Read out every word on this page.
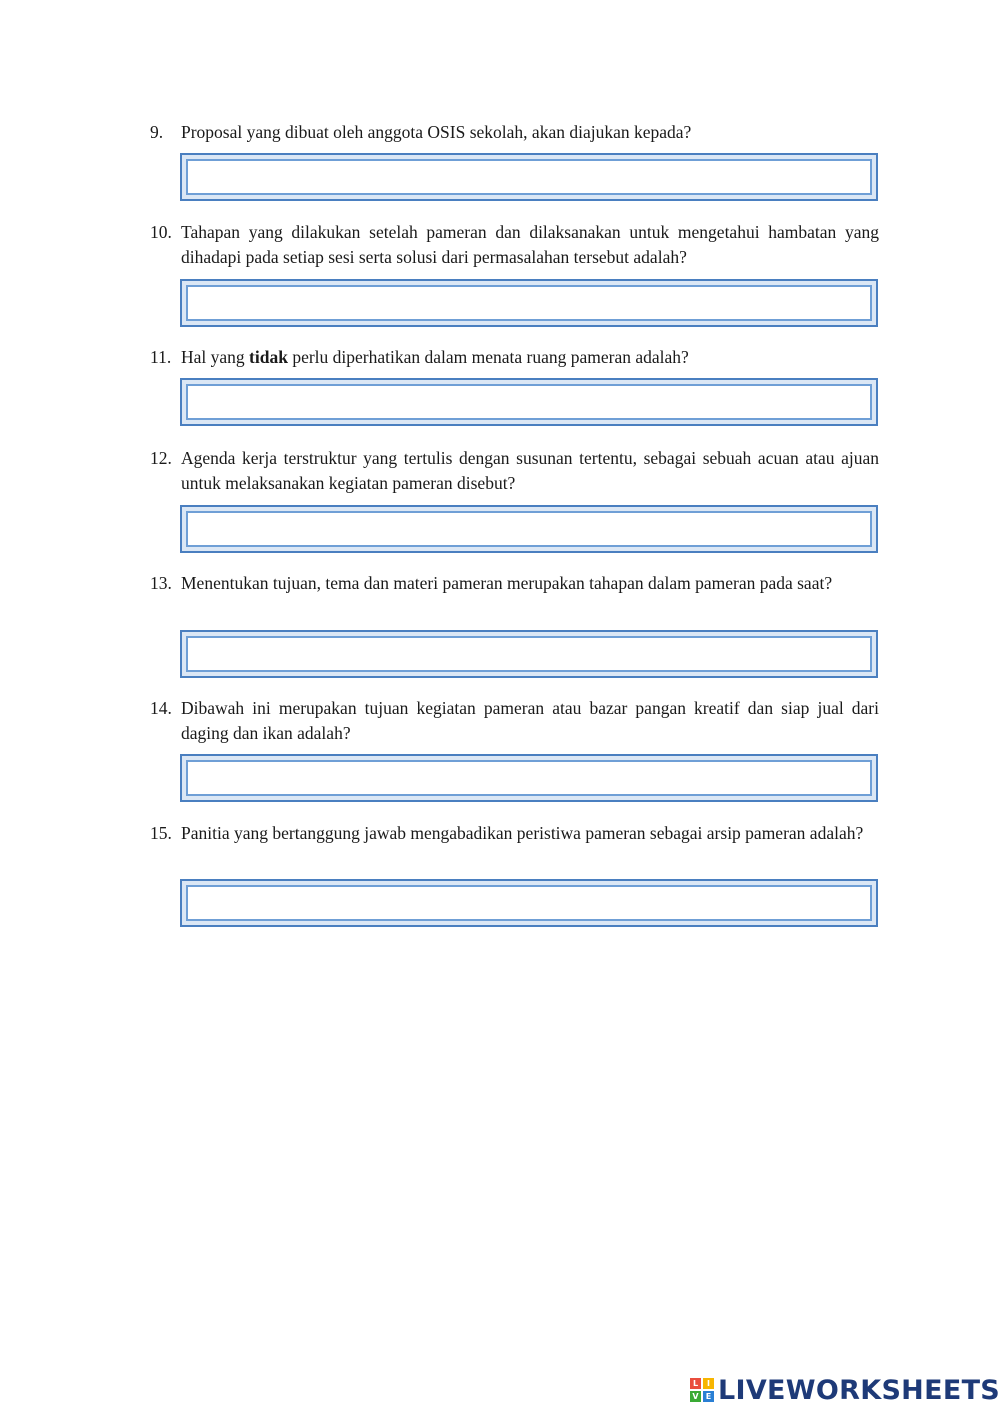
9.	Proposal yang dibuat oleh anggota OSIS sekolah, akan diajukan kepada?
10. Tahapan yang dilakukan setelah pameran dan dilaksanakan untuk mengetahui hambatan yang dihadapi pada setiap sesi serta solusi dari permasalahan tersebut adalah?
11. Hal yang tidak perlu diperhatikan dalam menata ruang pameran adalah?
12. Agenda kerja terstruktur yang tertulis dengan susunan tertentu, sebagai sebuah acuan atau ajuan untuk melaksanakan kegiatan pameran disebut?
13. Menentukan tujuan, tema dan materi pameran merupakan tahapan dalam pameran pada saat?
14. Dibawah ini merupakan tujuan kegiatan pameran atau bazar pangan kreatif dan siap jual dari daging dan ikan adalah?
15. Panitia yang bertanggung jawab mengabadikan peristiwa pameran sebagai arsip pameran adalah?
L	I
V E LIVEWORKSHEETS
